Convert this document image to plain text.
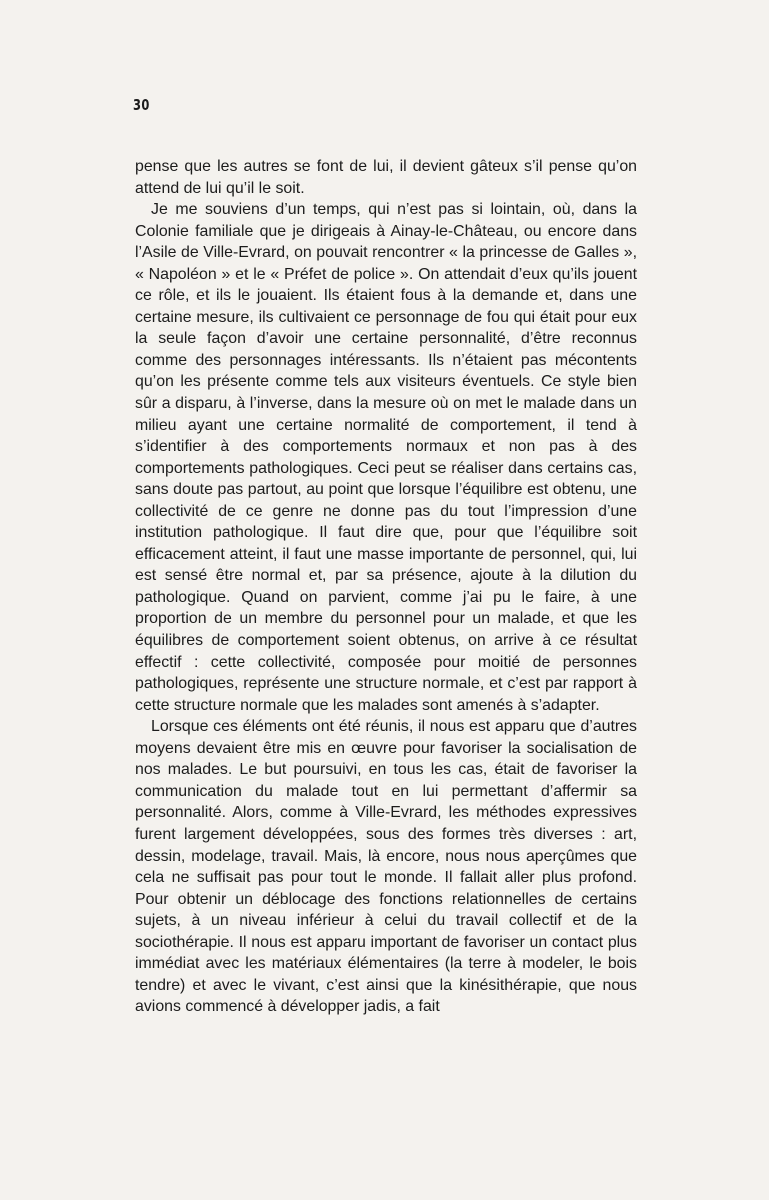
30

pense que les autres se font de lui, il devient gâteux s’il pense qu’on attend de lui qu’il le soit.

Je me souviens d’un temps, qui n’est pas si lointain, où, dans la Colonie familiale que je dirigeais à Ainay-le-Château, ou encore dans l’Asile de Ville-Evrard, on pouvait rencontrer « la princesse de Galles », « Napoléon » et le « Préfet de police ». On attendait d’eux qu’ils jouent ce rôle, et ils le jouaient. Ils étaient fous à la demande et, dans une certaine mesure, ils cultivaient ce personnage de fou qui était pour eux la seule façon d’avoir une certaine personnalité, d’être reconnus comme des personnages intéressants. Ils n’étaient pas mécontents qu’on les présente comme tels aux visiteurs éventuels. Ce style bien sûr a disparu, à l’inverse, dans la mesure où on met le malade dans un milieu ayant une certaine normalité de comportement, il tend à s’identifier à des comportements normaux et non pas à des comportements pathologiques. Ceci peut se réaliser dans certains cas, sans doute pas partout, au point que lorsque l’équilibre est obtenu, une collectivité de ce genre ne donne pas du tout l’impression d’une institution pathologique. Il faut dire que, pour que l’équilibre soit efficacement atteint, il faut une masse importante de personnel, qui, lui est sensé être normal et, par sa présence, ajoute à la dilution du pathologique. Quand on parvient, comme j’ai pu le faire, à une proportion de un membre du personnel pour un malade, et que les équilibres de comportement soient obtenus, on arrive à ce résultat effectif : cette collectivité, composée pour moitié de personnes pathologiques, représente une structure normale, et c’est par rapport à cette structure normale que les malades sont amenés à s’adapter.

Lorsque ces éléments ont été réunis, il nous est apparu que d’autres moyens devaient être mis en œuvre pour favoriser la socialisation de nos malades. Le but poursuivi, en tous les cas, était de favoriser la communication du malade tout en lui permettant d’affermir sa personnalité. Alors, comme à Ville-Evrard, les méthodes expressives furent largement développées, sous des formes très diverses : art, dessin, modelage, travail. Mais, là encore, nous nous aperçûmes que cela ne suffisait pas pour tout le monde. Il fallait aller plus profond. Pour obtenir un déblocage des fonctions relationnelles de certains sujets, à un niveau inférieur à celui du travail collectif et de la sociothérapie. Il nous est apparu important de favoriser un contact plus immédiat avec les matériaux élémentaires (la terre à modeler, le bois tendre) et avec le vivant, c’est ainsi que la kinésithérapie, que nous avions commencé à développer jadis, a fait
